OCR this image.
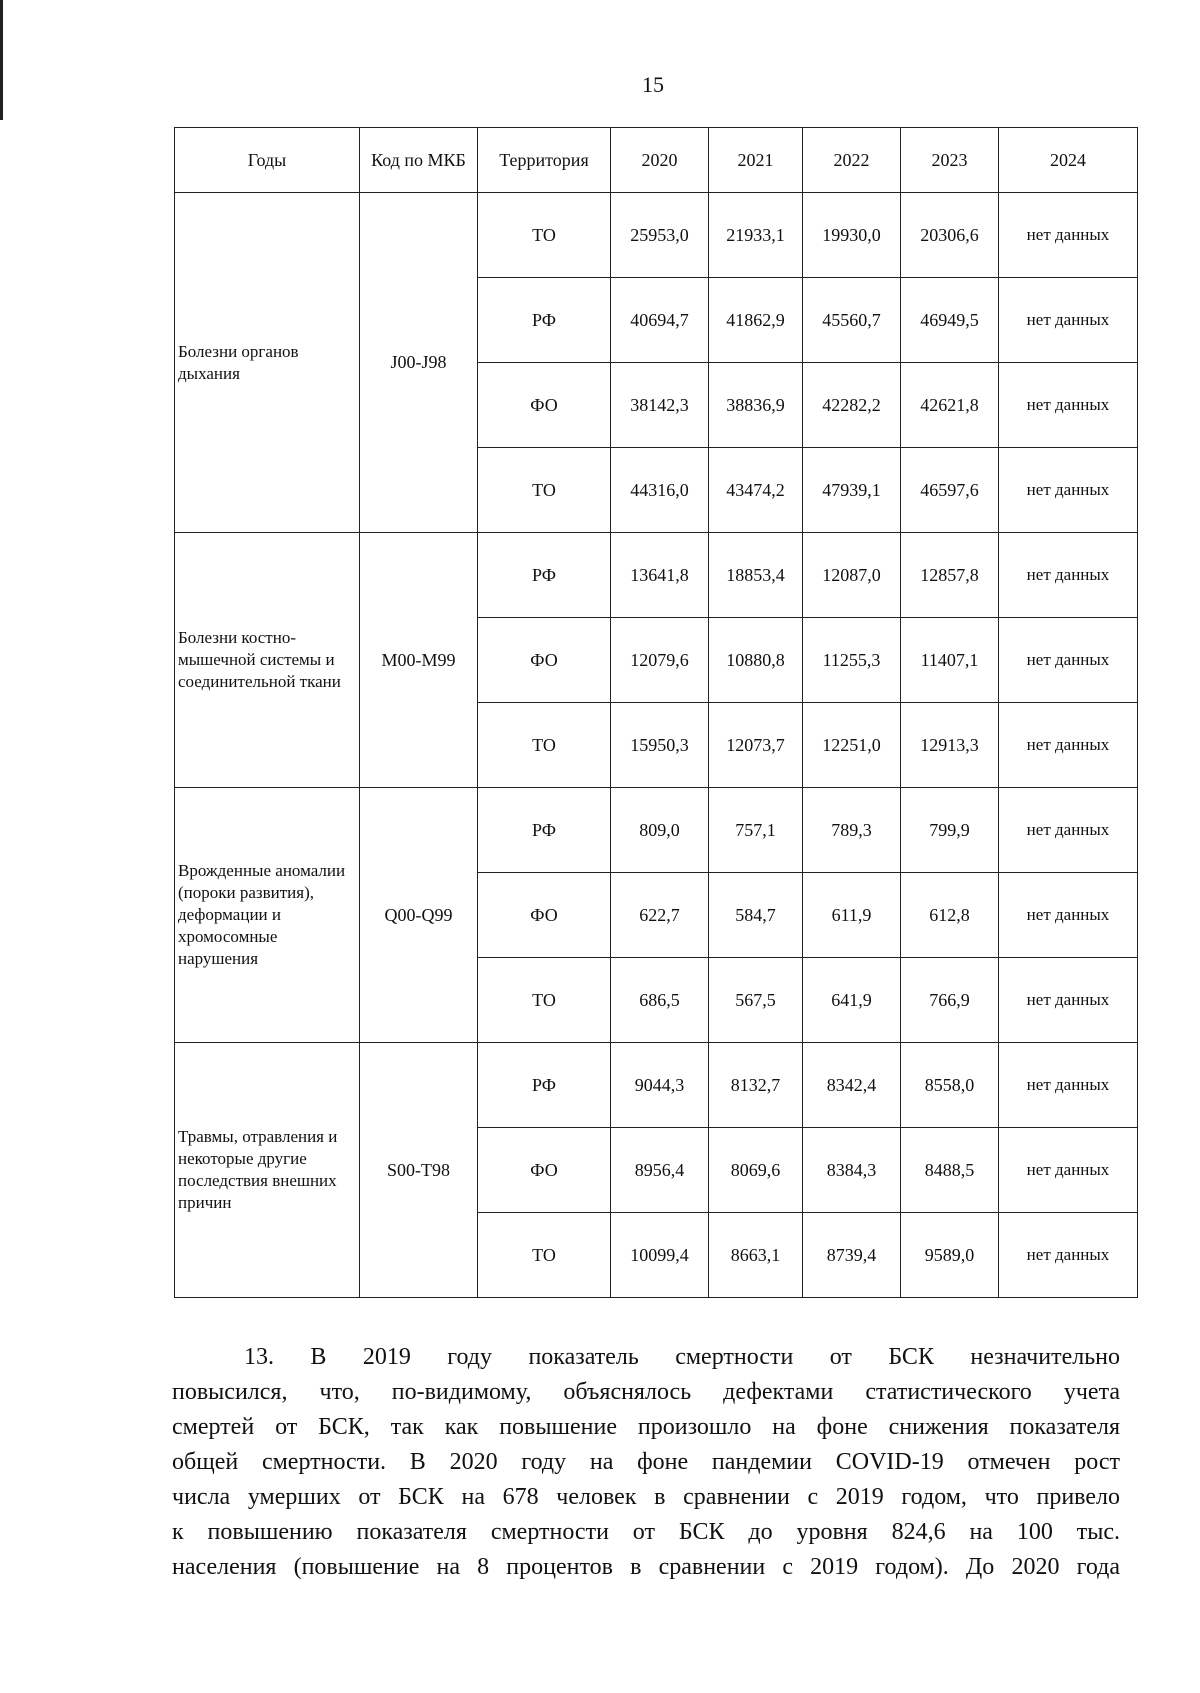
15
Годы	Код по МКБ	Территория	2020	2021	2022	2023	2024
Болезни органов дыхания	J00-J98	ТО	25953,0	21933,1	19930,0	20306,6	нет данных
		РФ	40694,7	41862,9	45560,7	46949,5	нет данных
		ФО	38142,3	38836,9	42282,2	42621,8	нет данных
		ТО	44316,0	43474,2	47939,1	46597,6	нет данных
Болезни костно-мышечной системы и соединительной ткани	M00-M99	РФ	13641,8	18853,4	12087,0	12857,8	нет данных
		ФО	12079,6	10880,8	11255,3	11407,1	нет данных
		ТО	15950,3	12073,7	12251,0	12913,3	нет данных
Врожденные аномалии (пороки развития), деформации и хромосомные нарушения	Q00-Q99	РФ	809,0	757,1	789,3	799,9	нет данных
		ФО	622,7	584,7	611,9	612,8	нет данных
		ТО	686,5	567,5	641,9	766,9	нет данных
Травмы, отравления и некоторые другие последствия внешних причин	S00-T98	РФ	9044,3	8132,7	8342,4	8558,0	нет данных
		ФО	8956,4	8069,6	8384,3	8488,5	нет данных
		ТО	10099,4	8663,1	8739,4	9589,0	нет данных
13. В 2019 году показатель смертности от БСК незначительно
повысился, что, по-видимому, объяснялось дефектами статистического учета
смертей от БСК, так как повышение произошло на фоне снижения показателя
общей смертности. В 2020 году на фоне пандемии COVID-19 отмечен рост
числа умерших от БСК на 678 человек в сравнении с 2019 годом, что привело
к повышению показателя смертности от БСК до уровня 824,6 на 100 тыс.
населения (повышение на 8 процентов в сравнении с 2019 годом). До 2020 года
